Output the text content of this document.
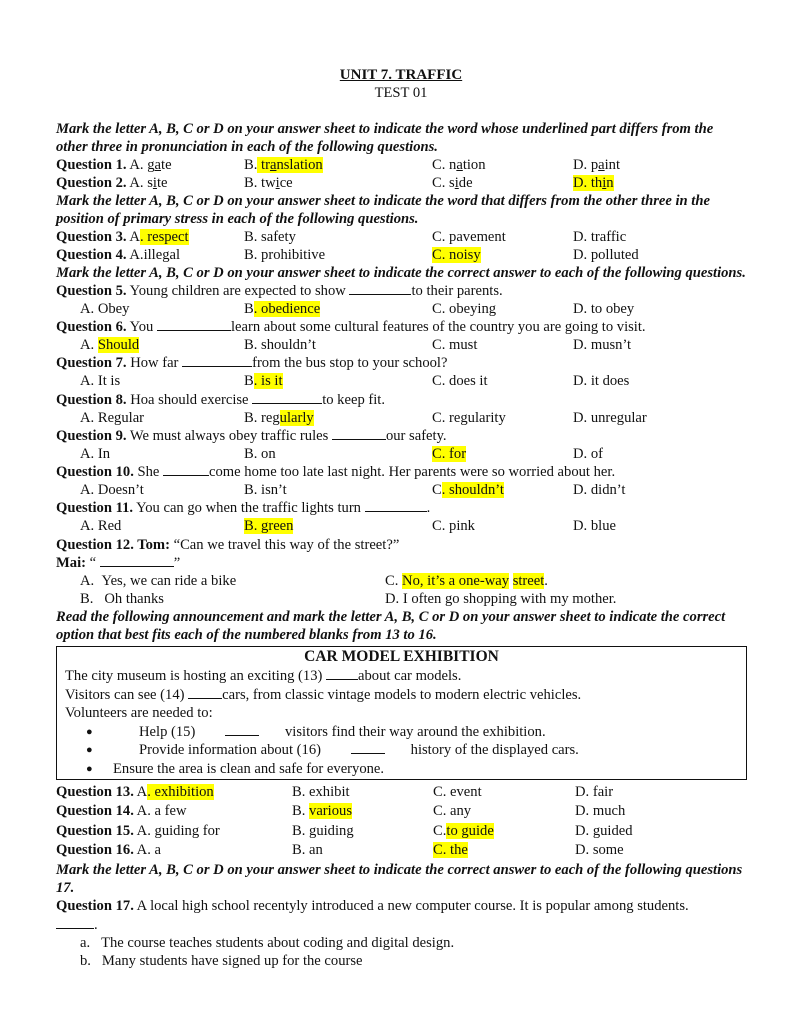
UNIT 7. TRAFFIC
TEST 01
Mark the letter A, B, C or D on your answer sheet to indicate the word whose underlined part differs from the other three in pronunciation in each of the following questions.
Question 1. A. gate	B. translation	C. nation	D. paint
Question 2. A. site	B. twice	C. side	D. thin
Mark the letter A, B, C or D on your answer sheet to indicate the word that differs from the other three in the position of primary stress in each of the following questions.
Question 3. A. respect	B. safety	C. pavement	D. traffic
Question 4. A.illegal	B. prohibitive	C. noisy	D. polluted
Mark the letter A, B, C or D on your answer sheet to indicate the correct answer to each of the following questions.
Question 5. Young children are expected to show	to their parents.
A. Obey	B. obedience	C. obeying	D. to obey
Question 6. You	learn about some cultural features of the country you are going to visit.
A. Should	B. shouldn’t	C. must	D. musn’t
Question 7. How far	from the bus stop to your school?
A. It is	B. is it	C. does it	D. it does
Question 8. Hoa should exercise	to keep fit.
A. Regular	B. regularly	C. regularity	D. unregular
Question 9. We must always obey traffic rules	our safety.
A. In	B. on	C. for	D. of
Question 10. She	come home too late last night. Her parents were so worried about her.
A. Doesn’t	B. isn’t	C. shouldn’t	D. didn’t
Question 11. You can go when the traffic lights turn	.
A. Red	B. green	C. pink	D. blue
Question 12. Tom: “Can we travel this way of the street?”
Mai: “	”
A. Yes, we can ride a bike	C. No, it’s a one-way street.
B. Oh thanks	D. I often go shopping with my mother.
Read the following announcement and mark the letter A, B, C or D on your answer sheet to indicate the correct option that best fits each of the numbered blanks from 13 to 16.
CAR MODEL EXHIBITION
The city museum is hosting an exciting (13) about car models.
Visitors can see (14) cars, from classic vintage models to modern electric vehicles.
Volunteers are needed to:
● Help (15)	visitors find their way around the exhibition.
● Provide information about (16)	history of the displayed cars.
● Ensure the area is clean and safe for everyone.
Question 13. A. exhibition	B. exhibit	C. event	D. fair
Question 14. A. a few	B. various	C. any	D. much
Question 15. A. guiding for	B. guiding	C.to guide	D. guided
Question 16. A. a	B. an	C. the	D. some
Mark the letter A, B, C or D on your answer sheet to indicate the correct answer to each of the following questions 17.
Question 17. A local high school recentyly introduced a new computer course. It is popular among students.
.
a. The course teaches students about coding and digital design.
b. Many students have signed up for the course
